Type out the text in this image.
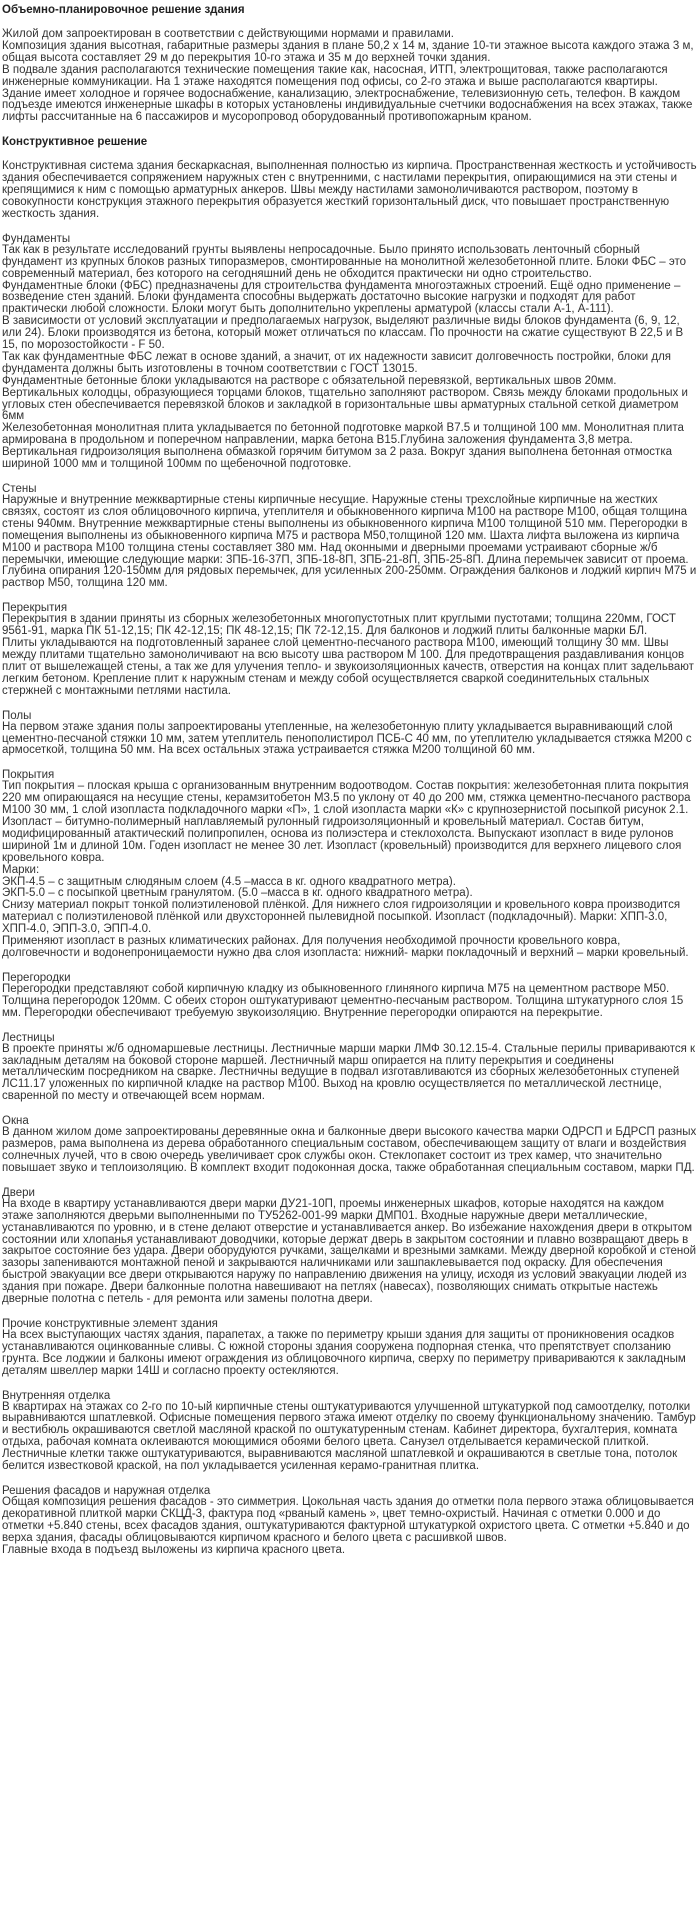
Объемно-планировочное решение здания

Жилой дом запроектирован в соответствии с действующими нормами и правилами.

Композиция здания высотная, габаритные размеры здания в плане 50,2 х 14 м, здание 10-ти этажное высота каждого этажа 3 м, общая высота составляет 29 м до перекрытия 10-го этажа и 35 м до верхней точки здания.

В подвале здания располагаются технические помещения такие как, насосная, ИТП, электрощитовая, также располагаются инженерные коммуникации. На 1 этаже находятся помещения под офисы, со 2-го этажа и выше располагаются квартиры. Здание имеет холодное и горячее водоснабжение, канализацию, электроснабжение, телевизионную сеть, телефон. В каждом подъезде имеются инженерные шкафы в которых установлены индивидуальные счетчики водоснабжения на всех этажах, также лифты рассчитанные на 6 пассажиров и мусоропровод оборудованный противопожарным краном.

Конструктивное решение

Конструктивная система здания бескаркасная, выполненная полностью из кирпича. Пространственная жесткость и устойчивость здания обеспечивается сопряжением наружных стен с внутренними, с настилами перекрытия, опирающимися на эти стены и крепящимися к ним с помощью арматурных анкеров. Швы между настилами замоноличиваются раствором, поэтому в совокупности конструкция этажного перекрытия образуется жесткий горизонтальный диск, что повышает пространственную жесткость здания.

Фундаменты

Так как в результате исследований грунты выявлены непросадочные. Было принято использовать ленточный сборный фундамент из крупных блоков разных типоразмеров, смонтированные на монолитной железобетонной плите. Блоки ФБС – это современный материал, без которого на сегодняшний день не обходится практически ни одно строительство.

Фундаментные блоки (ФБС) предназначены для строительства фундамента многоэтажных строений. Ещё одно применение – возведение стен зданий. Блоки фундамента способны выдержать достаточно высокие нагрузки и подходят для работ практически любой сложности. Блоки могут быть дополнительно укреплены арматурой (классы стали А-1, А-111).

В зависимости от условий эксплуатации и предполагаемых нагрузок, выделяют различные виды блоков фундамента (6, 9, 12, или 24). Блоки производятся из бетона, который может отличаться по классам. По прочности на сжатие существуют В 22,5 и В 15, по морозостойкости - F 50.

Так как фундаментные ФБС лежат в основе зданий, а значит, от их надежности зависит долговечность постройки, блоки для фундамента должны быть изготовлены в точном соответствии с ГОСТ 13015.

Фундаментные бетонные блоки укладываются на растворе с обязательной перевязкой, вертикальных швов 20мм.

Вертикальных колодцы, образующиеся торцами блоков, тщательно заполняют раствором. Связь между блоками продольных и угловых стен обеспечивается перевязкой блоков и закладкой в горизонтальные швы арматурных стальной сеткой диаметром 6мм

Железобетонная монолитная плита укладывается по бетонной подготовке маркой В7.5 и толщиной 100 мм. Монолитная плита армирована в продольном и поперечном направлении, марка бетона В15.Глубина заложения фундамента 3,8 метра. Вертикальная гидроизоляция выполнена обмазкой горячим битумом за 2 раза. Вокруг здания выполнена бетонная отмостка шириной 1000 мм и толщиной 100мм по щебеночной подготовке.

Стены

Наружные и внутренние межквартирные стены кирпичные несущие. Наружные стены трехслойные кирпичные на жестких связях, состоят из слоя облицовочного кирпича, утеплителя и обыкновенного кирпича М100 на растворе М100, общая толщина стены 940мм. Внутренние межквартирные стены выполнены из обыкновенного кирпича М100 толщиной 510 мм. Перегородки в помещения выполнены из обыкновенного кирпича М75 и раствора М50,толщиной 120 мм. Шахта лифта выложена из кирпича М100 и раствора М100 толщина стены составляет 380 мм. Над оконными и дверными проемами устраивают сборные ж/б перемычки, имеющие следующие марки: 3ПБ-16-37П, 3ПБ-18-8П, 3ПБ-21-8П, 3ПБ-25-8П. Длина перемычек зависит от проема. Глубина опирания 120-150мм для рядовых перемычек, для усиленных 200-250мм. Ограждения балконов и лоджий кирпич М75 и раствор М50, толщина 120 мм.

Перекрытия

Перекрытия в здании приняты из сборных железобетонных многопустотных плит круглыми пустотами; толщина 220мм, ГОСТ 9561-91, марка ПК 51-12,15; ПК 42-12,15; ПК 48-12,15; ПК 72-12,15. Для балконов и лоджий плиты балконные марки БЛ.

Плиты укладываются на подготовленный заранее слой цементно-песчаного раствора М100, имеющий толщину 30 мм. Швы между плитами тщательно замоноличивают на всю высоту шва раствором М 100. Для предотвращения раздавливания концов плит от вышележащей стены, а так же для улучения тепло- и звукоизоляционных качеств, отверстия на концах плит задельвают легким бетоном. Крепление плит к наружным стенам и между собой осуществляется сваркой соединительных стальных стержней с монтажными петлями настила.

Полы

На первом этаже здания полы запроектированы утепленные, на железобетонную плиту укладывается выравнивающий слой цементно-песчаной стяжки 10 мм, затем утеплитель пенополистирол ПСБ-С 40 мм, по утеплителю укладывается стяжка М200 с армосеткой, толщина 50 мм. На всех остальных этажа устраивается стяжка М200 толщиной 60 мм.

Покрытия

Тип покрытия – плоская крыша с организованным внутренним водоотводом. Состав покрытия: железобетонная плита покрытия 220 мм опирающаяся на несущие стены, керамзитобетон М3.5 по уклону от 40 до 200 мм, стяжка цементно-песчаного раствора М100 30 мм, 1 слой изопласта подкладочного марки «П», 1 слой изопласта марки «К» с крупнозернистой посыпкой рисунок 2.1.

Изопласт – битумно-полимерный наплавляемый рулонный гидроизоляционный и кровельный материал. Состав битум, модифицированный атактический полипропилен, основа из полиэстера и стеклохолста. Выпускают изопласт в виде рулонов шириной 1м и длиной 10м. Годен изопласт не менее 30 лет. Изопласт (кровельный) производится для верхнего лицевого слоя кровельного ковра.

Марки:

ЭКП-4.5 – с защитным слюдяным слоем (4.5 –масса в кг. одного квадратного метра).

ЭКП-5.0 – с посыпкой цветным гранулятом. (5.0 –масса в кг. одного квадратного метра).

Снизу материал покрыт тонкой полиэтиленовой плёнкой. Для нижнего слоя гидроизоляции и кровельного ковра производится материал с полиэтиленовой плёнкой или двухсторонней пылевидной посыпкой. Изопласт (подкладочный). Марки: ХПП-3.0, ХПП-4.0, ЭПП-3.0, ЭПП-4.0.

Применяют изопласт в разных климатических районах. Для получения необходимой прочности кровельного ковра, долговечности и водонепроницаемости нужно два слоя изопласта: нижний- марки покладочный и верхний – марки кровельный.

Перегородки

Перегородки представляют собой кирпичную кладку из обыкновенного глиняного кирпича М75 на цементном растворе М50. Толщина перегородок 120мм. С обеих сторон оштукатуривают цементно-песчаным раствором. Толщина штукатурного слоя 15 мм. Перегородки обеспечивают требуемую звукоизоляцию. Внутренние перегородки опираются на перекрытие.

Лестницы

В проекте приняты ж/б одномаршевые лестницы. Лестничные марши марки ЛМФ 30.12.15-4. Стальные перилы привариваются к закладным деталям на боковой стороне маршей. Лестничный марш опирается на плиту перекрытия и соединены металлическим посредником на сварке. Лестничны ведущие в подвал изготавливаются из сборных железобетонных ступеней ЛС11.17 уложенных по кирпичной кладке на раствор М100. Выход на кровлю осуществляется по металлической лестнице, сваренной по месту и отвечающей всем нормам.

Окна

В данном жилом доме запроектированы деревянные окна и балконные двери высокого качества марки ОДРСП и БДРСП разных размеров, рама выполнена из дерева обработанного специальным составом, обеспечивающем защиту от влаги и воздействия солнечных лучей, что в свою очередь увеличивает срок службы окон. Стеклопакет состоит из трех камер, что значительно повышает звуко и теплоизоляцию. В комплект входит подоконная доска, также обработанная специальным составом, марки ПД.

Двери

На входе в квартиру устанавливаются двери марки ДУ21-10П, проемы инженерных шкафов, которые находятся на каждом этаже заполняются дверьми выполненными по ТУ5262-001-99 марки ДМП01. Входные наружные двери металлические, устанавливаются по уровню, и в стене делают отверстие и устанавливается анкер. Во избежание нахождения двери в открытом состоянии или хлопанья устанавливают доводчики, которые держат дверь в закрытом состоянии и плавно возвращают дверь в закрытое состояние без удара. Двери оборудуются ручками, защелками и врезными замками. Между дверной коробкой и стеной зазоры запениваются монтажной пеной и закрываются наличниками или зашпаклевывается под окраску. Для обеспечения быстрой эвакуации все двери открываются наружу по направлению движения на улицу, исходя из условий эвакуации людей из здания при пожаре. Двери балконные полотна навешивают на петлях (навесах), позволяющих снимать открытые настежь дверные полотна с петель - для ремонта или замены полотна двери.

Прочие конструктивные элемент здания

На всех выступающих частях здания, парапетах, а также по периметру крыши здания для защиты от проникновения осадков устанавливаются оцинкованные сливы. С южной стороны здания сооружена подпорная стенка, что препятствует сползанию грунта. Все лоджии и балконы имеют ограждения из облицовочного кирпича, сверху по периметру привариваются к закладным деталям швеллер марки 14Ш и согласно проекту остекляются.

Внутренняя отделка

В квартирах на этажах со 2-го по 10-ый кирпичные стены оштукатуриваются улучшенной штукатуркой под самоотделку, потолки выравниваются шпатлевкой. Офисные помещения первого этажа имеют отделку по своему функциональному значению. Тамбур и вестибюль окрашиваются светлой масляной краской по оштукатуренным стенам. Кабинет директора, бухгалтерия, комната отдыха, рабочая комната оклеиваются моющимися обоями белого цвета. Санузел отделывается керамической плиткой. Лестничные клетки также оштукатуриваются, выравниваются масляной шпатлевкой и окрашиваются в светлые тона, потолок белится известковой краской, на пол укладывается усиленная керамо-гранитная плитка.

Решения фасадов и наружная отделка

Общая композиция решения фасадов - это симметрия. Цокольная часть здания до отметки пола первого этажа облицовывается декоративной плиткой марки СКЦД-3, фактура под «рваный камень », цвет темно-охристый. Начиная с отметки 0.000 и до отметки +5.840 стены, всех фасадов здания, оштукатуриваются фактурной штукатуркой охристого цвета. С отметки +5.840 и до верха здания, фасады облицовываются кирпичом красного и белого цвета с расшивкой швов.

Главные входа в подъезд выложены из кирпича красного цвета.
